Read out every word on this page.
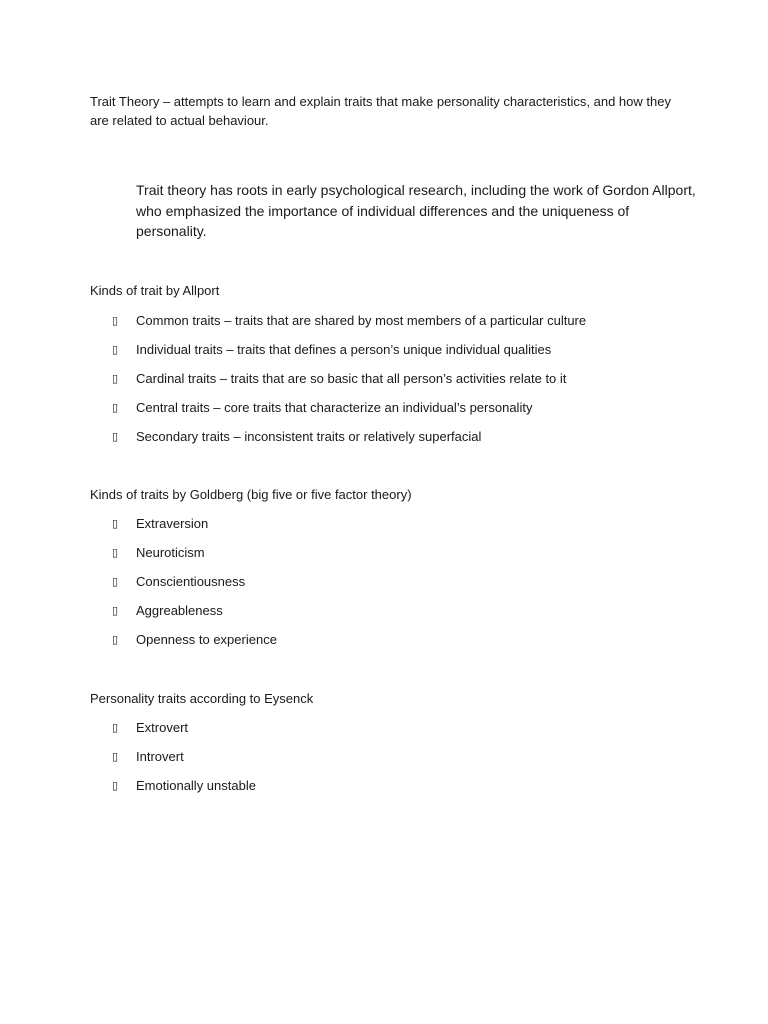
Trait Theory – attempts to learn and explain traits that make personality characteristics, and how they are related to actual behaviour.

Trait theory has roots in early psychological research, including the work of Gordon Allport, who emphasized the importance of individual differences and the uniqueness of personality.

Kinds of trait by Allport

▯	Common traits – traits that are shared by most members of a particular culture
▯	Individual traits – traits that defines a person’s unique individual qualities
▯	Cardinal traits – traits that are so basic that all person’s activities relate to it
▯	Central traits – core traits that characterize an individual’s personality
▯	Secondary traits – inconsistent traits or relatively superfacial

Kinds of traits by Goldberg (big five or five factor theory)

▯	Extraversion
▯	Neuroticism
▯	Conscientiousness
▯	Aggreableness
▯	Openness to experience

Personality traits according to Eysenck

▯	Extrovert
▯	Introvert
▯	Emotionally unstable
